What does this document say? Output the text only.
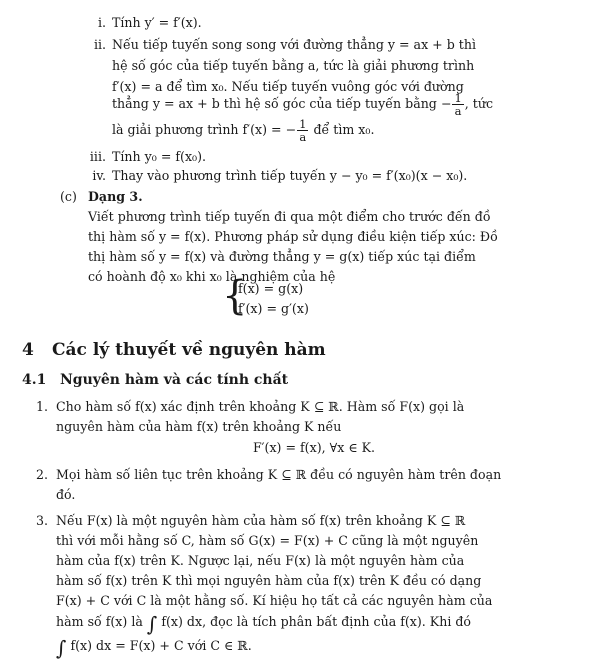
i. Tính y′ = f′(x).
ii. Nếu tiếp tuyến song song với đường thẳng y = ax + b thì
hệ số góc của tiếp tuyến bằng a, tức là giải phương trình
f′(x) = a để tìm x₀. Nếu tiếp tuyến vuông góc với đường
thẳng y = ax + b thì hệ số góc của tiếp tuyến bằng − $\frac{1}{a}$ , tức
là giải phương trình f′(x) = − $\frac{1}{a}$ để tìm x₀.
iii. Tính y₀ = f(x₀).
iv. Thay vào phương trình tiếp tuyến y − y₀ = f′(x₀)(x − x₀).
(c) Dạng 3.
Viết phương trình tiếp tuyến đi qua một điểm cho trước đến đồ
thị hàm số y = f(x). Phương pháp sử dụng điều kiện tiếp xúc: Đồ
thị hàm số y = f(x) và đường thẳng y = g(x) tiếp xúc tại điểm
có hoành độ x₀ khi x₀ là nghiệm của hệ
{
f(x) = g(x)
f′(x) = g′(x)
4 Các lý thuyết về nguyên hàm
4.1 Nguyên hàm và các tính chất
1. Cho hàm số f(x) xác định trên khoảng K ⊆ ℝ. Hàm số F(x) gọi là
nguyên hàm của hàm f(x) trên khoảng K nếu
F′(x) = f(x), ∀x ∈ K.
2. Mọi hàm số liên tục trên khoảng K ⊆ ℝ đều có nguyên hàm trên đoạn
đó.
3. Nếu F(x) là một nguyên hàm của hàm số f(x) trên khoảng K ⊆ ℝ
thì với mỗi hằng số C, hàm số G(x) = F(x) + C cũng là một nguyên
hàm của f(x) trên K. Ngược lại, nếu F(x) là một nguyên hàm của
hàm số f(x) trên K thì mọi nguyên hàm của f(x) trên K đều có dạng
F(x) + C với C là một hằng số. Kí hiệu họ tất cả các nguyên hàm của
hàm số f(x) là ∫ f(x) dx, đọc là tích phân bất định của f(x). Khi đó
∫ f(x) dx = F(x) + C với C ∈ ℝ.
